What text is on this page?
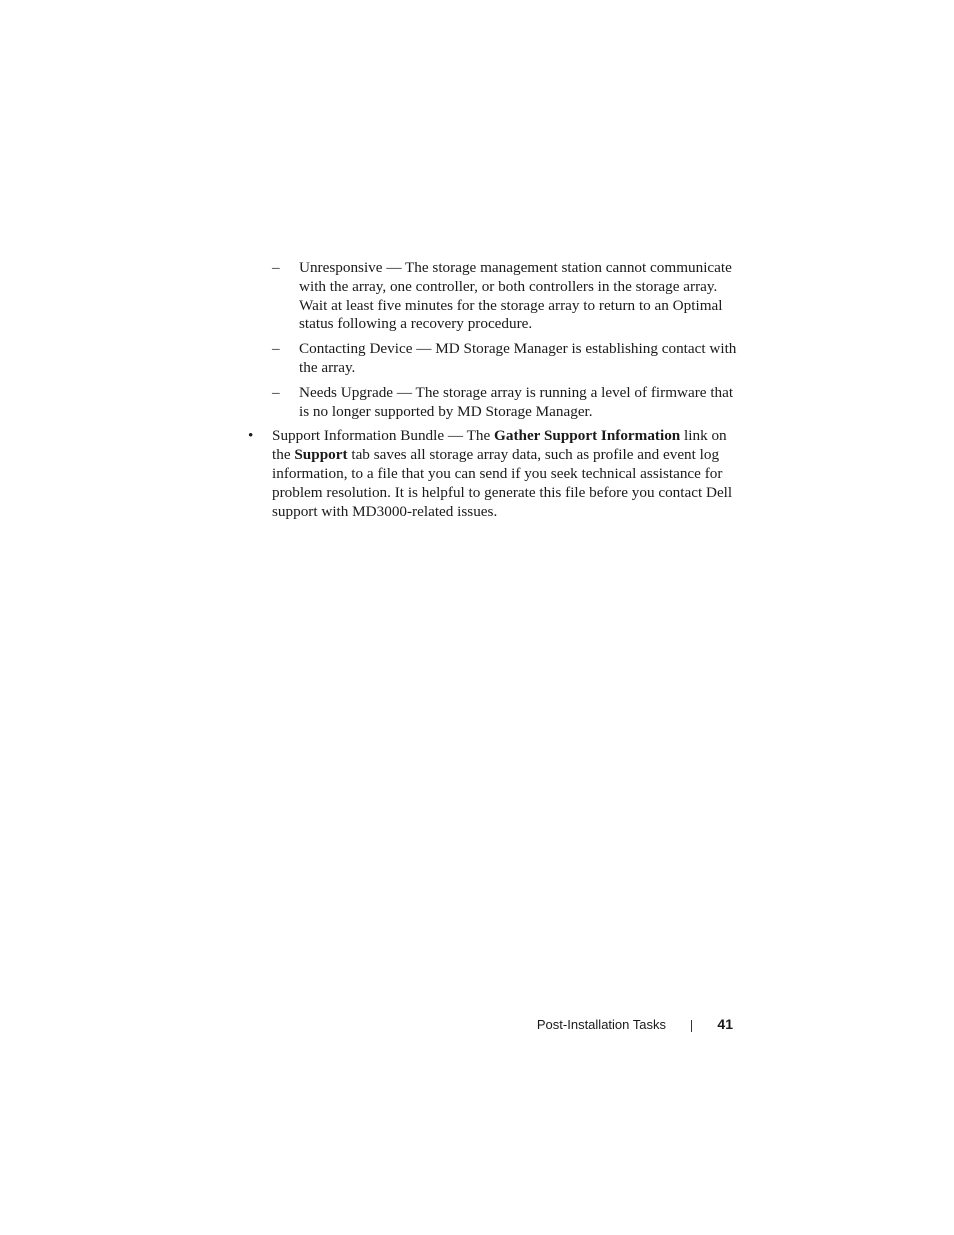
– Unresponsive — The storage management station cannot communicate with the array, one controller, or both controllers in the storage array. Wait at least five minutes for the storage array to return to an Optimal status following a recovery procedure.
– Contacting Device — MD Storage Manager is establishing contact with the array.
– Needs Upgrade — The storage array is running a level of firmware that is no longer supported by MD Storage Manager.
• Support Information Bundle — The Gather Support Information link on the Support tab saves all storage array data, such as profile and event log information, to a file that you can send if you seek technical assistance for problem resolution. It is helpful to generate this file before you contact Dell support with MD3000-related issues.
Post-Installation Tasks	41
